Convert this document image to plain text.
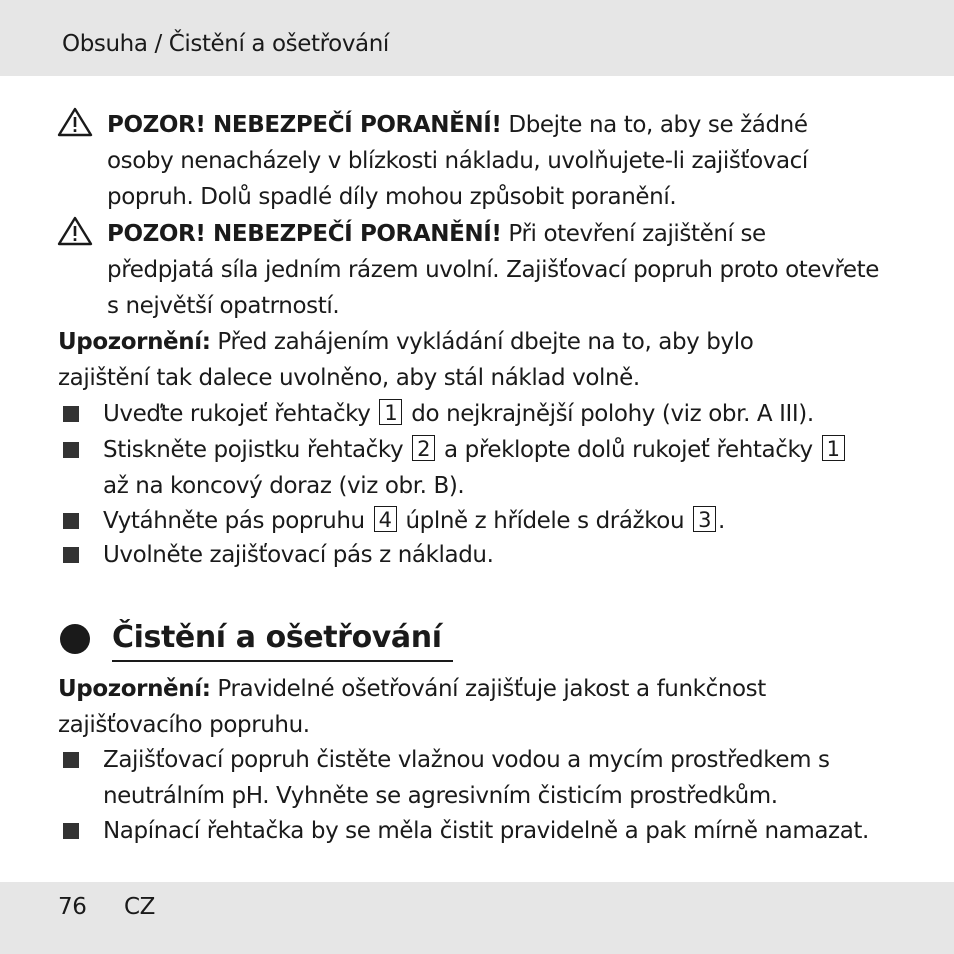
Obsuha / Čistění a ošetřování
POZOR! NEBEZPEČÍ PORANĚNÍ! Dbejte na to, aby se žádné
osoby nenacházely v blízkosti nákladu, uvolňujete-li zajišťovací
popruh. Dolů spadlé díly mohou způsobit poranění.
POZOR! NEBEZPEČÍ PORANĚNÍ! Při otevření zajištění se
předpjatá síla jedním rázem uvolní. Zajišťovací popruh proto otevřete
s největší opatrností.
Upozornění: Před zahájením vykládání dbejte na to, aby bylo
zajištění tak dalece uvolněno, aby stál náklad volně.
Uveďte rukojeť řehtačky 1 do nejkrajnější polohy (viz obr. A III).
Stiskněte pojistku řehtačky 2 a překlopte dolů rukojeť řehtačky 1
až na koncový doraz (viz obr. B).
Vytáhněte pás popruhu 4 úplně z hřídele s drážkou 3 .
Uvolněte zajišťovací pás z nákladu.
Čistění a ošetřování
Upozornění: Pravidelné ošetřování zajišťuje jakost a funkčnost
zajišťovacího popruhu.
Zajišťovací popruh čistěte vlažnou vodou a mycím prostředkem s
neutrálním pH. Vyhněte se agresivním čisticím prostředkům.
Napínací řehtačka by se měla čistit pravidelně a pak mírně namazat.
76 CZ
